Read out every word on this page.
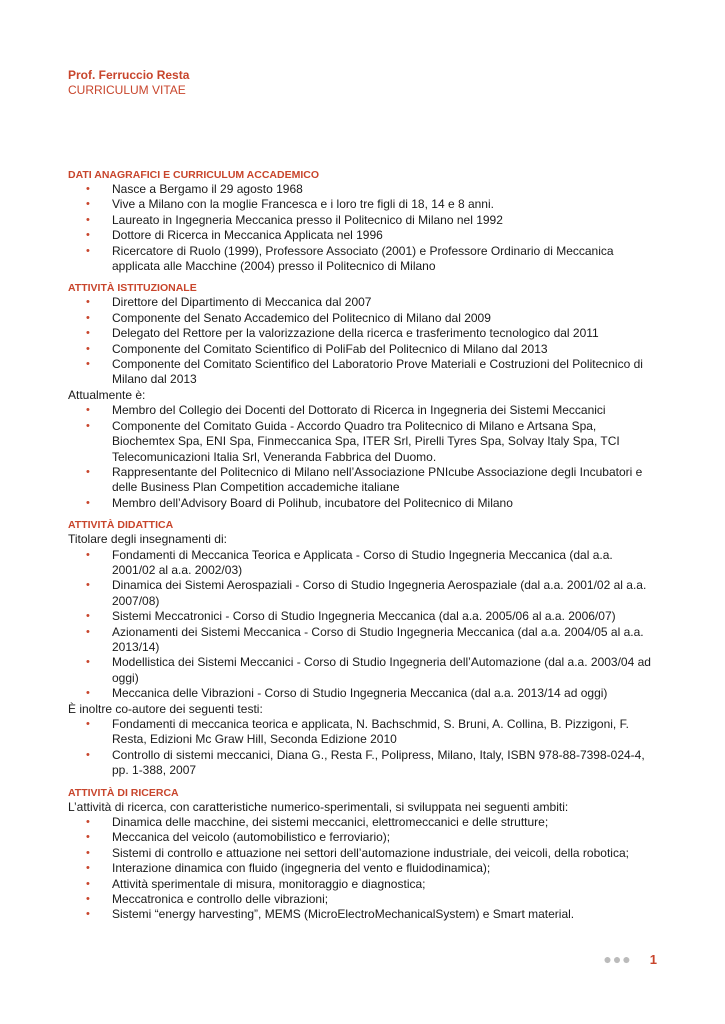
Prof. Ferruccio Resta
CURRICULUM VITAE
DATI ANAGRAFICI E CURRICULUM ACCADEMICO
• Nasce a Bergamo il 29 agosto 1968
• Vive a Milano con la moglie Francesca e i loro tre figli di 18, 14 e 8 anni.
• Laureato in Ingegneria Meccanica presso il Politecnico di Milano nel 1992
• Dottore di Ricerca in Meccanica Applicata nel 1996
• Ricercatore di Ruolo (1999), Professore Associato (2001) e Professore Ordinario di Meccanica applicata alle Macchine (2004) presso il Politecnico di Milano
ATTIVITÀ ISTITUZIONALE
• Direttore del Dipartimento di Meccanica dal 2007
• Componente del Senato Accademico del Politecnico di Milano dal 2009
• Delegato del Rettore per la valorizzazione della ricerca e trasferimento tecnologico dal 2011
• Componente del Comitato Scientifico di PoliFab del Politecnico di Milano dal 2013
• Componente del Comitato Scientifico del Laboratorio Prove Materiali e Costruzioni del Politecnico di Milano dal 2013
Attualmente è:
• Membro del Collegio dei Docenti del Dottorato di Ricerca in Ingegneria dei Sistemi Meccanici
• Componente del Comitato Guida - Accordo Quadro tra Politecnico di Milano e Artsana Spa, Biochemtex Spa, ENI Spa, Finmeccanica Spa, ITER Srl, Pirelli Tyres Spa, Solvay Italy Spa, TCI Telecomunicazioni Italia Srl, Veneranda Fabbrica del Duomo.
• Rappresentante del Politecnico di Milano nell’Associazione PNIcube Associazione degli Incubatori e delle Business Plan Competition accademiche italiane
• Membro dell’Advisory Board di Polihub, incubatore del Politecnico di Milano
ATTIVITÀ DIDATTICA
Titolare degli insegnamenti di:
• Fondamenti di Meccanica Teorica e Applicata - Corso di Studio Ingegneria Meccanica (dal a.a. 2001/02 al a.a. 2002/03)
• Dinamica dei Sistemi Aerospaziali - Corso di Studio Ingegneria Aerospaziale (dal a.a. 2001/02 al a.a. 2007/08)
• Sistemi Meccatronici - Corso di Studio Ingegneria Meccanica (dal a.a. 2005/06 al a.a. 2006/07)
• Azionamenti dei Sistemi Meccanica - Corso di Studio Ingegneria Meccanica (dal a.a. 2004/05 al a.a. 2013/14)
• Modellistica dei Sistemi Meccanici - Corso di Studio Ingegneria dell’Automazione (dal a.a. 2003/04 ad oggi)
• Meccanica delle Vibrazioni - Corso di Studio Ingegneria Meccanica (dal a.a. 2013/14 ad oggi)
È inoltre co-autore dei seguenti testi:
• Fondamenti di meccanica teorica e applicata, N. Bachschmid, S. Bruni, A. Collina, B. Pizzigoni, F. Resta, Edizioni Mc Graw Hill, Seconda Edizione 2010
• Controllo di sistemi meccanici, Diana G., Resta F., Polipress, Milano, Italy, ISBN 978-88-7398-024-4, pp. 1-388, 2007
ATTIVITÀ DI RICERCA
L’attività di ricerca, con caratteristiche numerico-sperimentali, si sviluppata nei seguenti ambiti:
• Dinamica delle macchine, dei sistemi meccanici, elettromeccanici e delle strutture;
• Meccanica del veicolo (automobilistico e ferroviario);
• Sistemi di controllo e attuazione nei settori dell’automazione industriale, dei veicoli, della robotica;
• Interazione dinamica con fluido (ingegneria del vento e fluidodinamica);
• Attività sperimentale di misura, monitoraggio e diagnostica;
• Meccatronica e controllo delle vibrazioni;
• Sistemi “energy harvesting”, MEMS (MicroElectroMechanicalSystem) e Smart material.
●●● 1
